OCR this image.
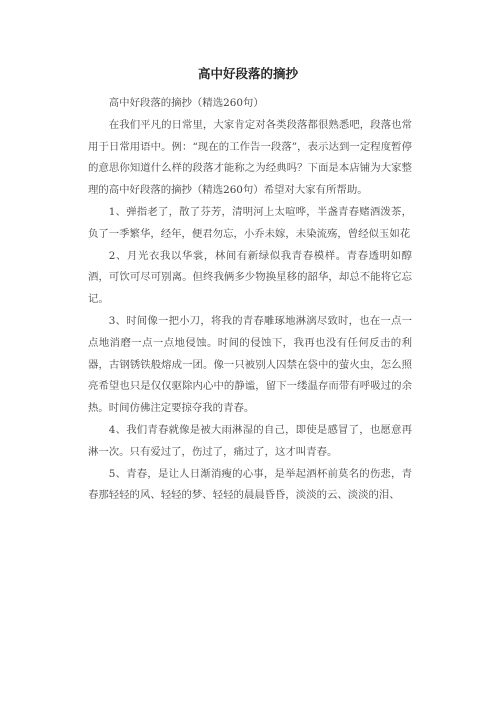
高中好段落的摘抄

高中好段落的摘抄（精选260句）

在我们平凡的日常里，大家肯定对各类段落都很熟悉吧，段落也常用于日常用语中。例：“现在的工作告一段落”，表示达到一定程度暂停的意思你知道什么样的段落才能称之为经典吗？下面是本店铺为大家整理的高中好段落的摘抄（精选260句）希望对大家有所帮助。

1、弹指老了，散了芬芳，清明河上太喧哗，半盏青春赌酒泼茶，负了一季繁华，经年，便君勿忘，小乔未嫁，未染流殇，曾经似玉如花

2、月光衣我以华裳，林间有新绿似我青春模样。青春透明如醇酒，可饮可尽可别离。但终我俩多少物换星移的韶华，却总不能将它忘记。

3、时间像一把小刀，将我的青春雕琢地淋漓尽致时，也在一点一点地消磨一点一点地侵蚀。时间的侵蚀下，我再也没有任何反击的利器，古钢锈铁般熔成一团。像一只被别人囚禁在袋中的萤火虫，怎么照亮希望也只是仅仅驱除内心中的静谧，留下一缕温存而带有呼吸过的余热。时间仿佛注定要掠夺我的青春。

4、我们青春就像是被大雨淋湿的自己，即使是感冒了，也愿意再淋一次。只有爱过了，伤过了，痛过了，这才叫青春。

5、青春，是让人日渐消瘦的心事，是举起酒杯前莫名的伤悲，青春那轻轻的风、轻轻的梦、轻轻的晨晨昏昏，淡淡的云、淡淡的泪、
